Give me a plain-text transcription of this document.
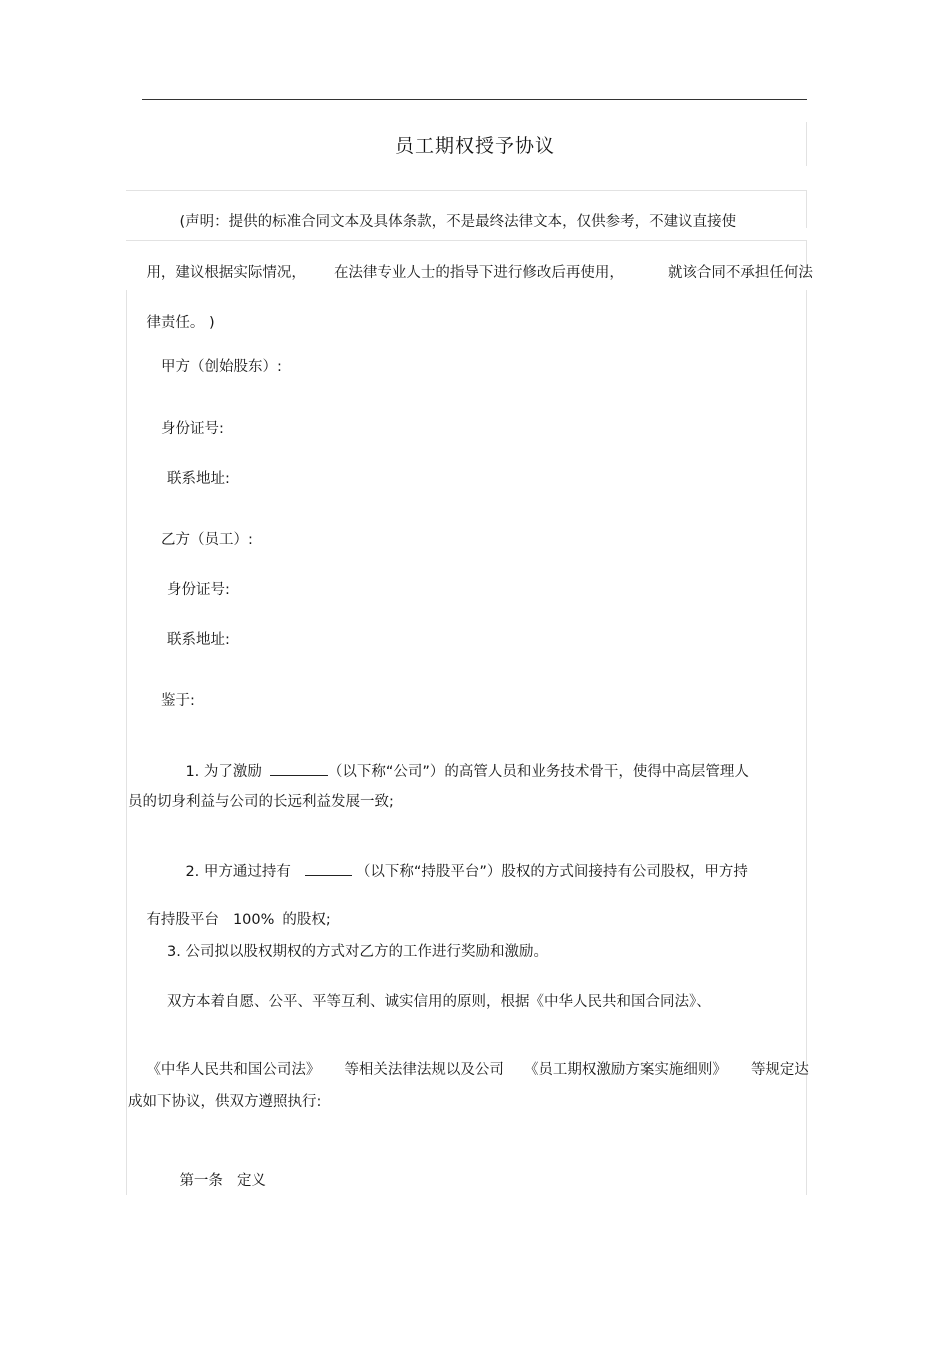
员工期权授予协议

(声明：提供的标准合同文本及具体条款，不是最终法律文本，仅供参考，不建议直接使

用，建议根据实际情况， 在法律专业人士的指导下进行修改后再使用，	就该合同不承担任何法

律责任。 )

甲方（创始股东）:
身份证号:
联系地址:
乙方（员工）:
身份证号:
联系地址:
鉴于:

1. 为了激励	（以下称“公司”）的高管人员和业务技术骨干，使得中高层管理人

员的切身利益与公司的长远利益发展一致;

2. 甲方通过持有	（以下称“持股平台”）股权的方式间接持有公司股权，甲方持

有持股平台 100% 的股权;

3. 公司拟以股权期权的方式对乙方的工作进行奖励和激励。
双方本着自愿、公平、平等互利、诚实信用的原则，根据《中华人民共和国合同法》、

《中华人民共和国公司法》 等相关法律法规以及公司 《员工期权激励方案实施细则》 等规定达

成如下协议，供双方遵照执行:

第一条 定义
